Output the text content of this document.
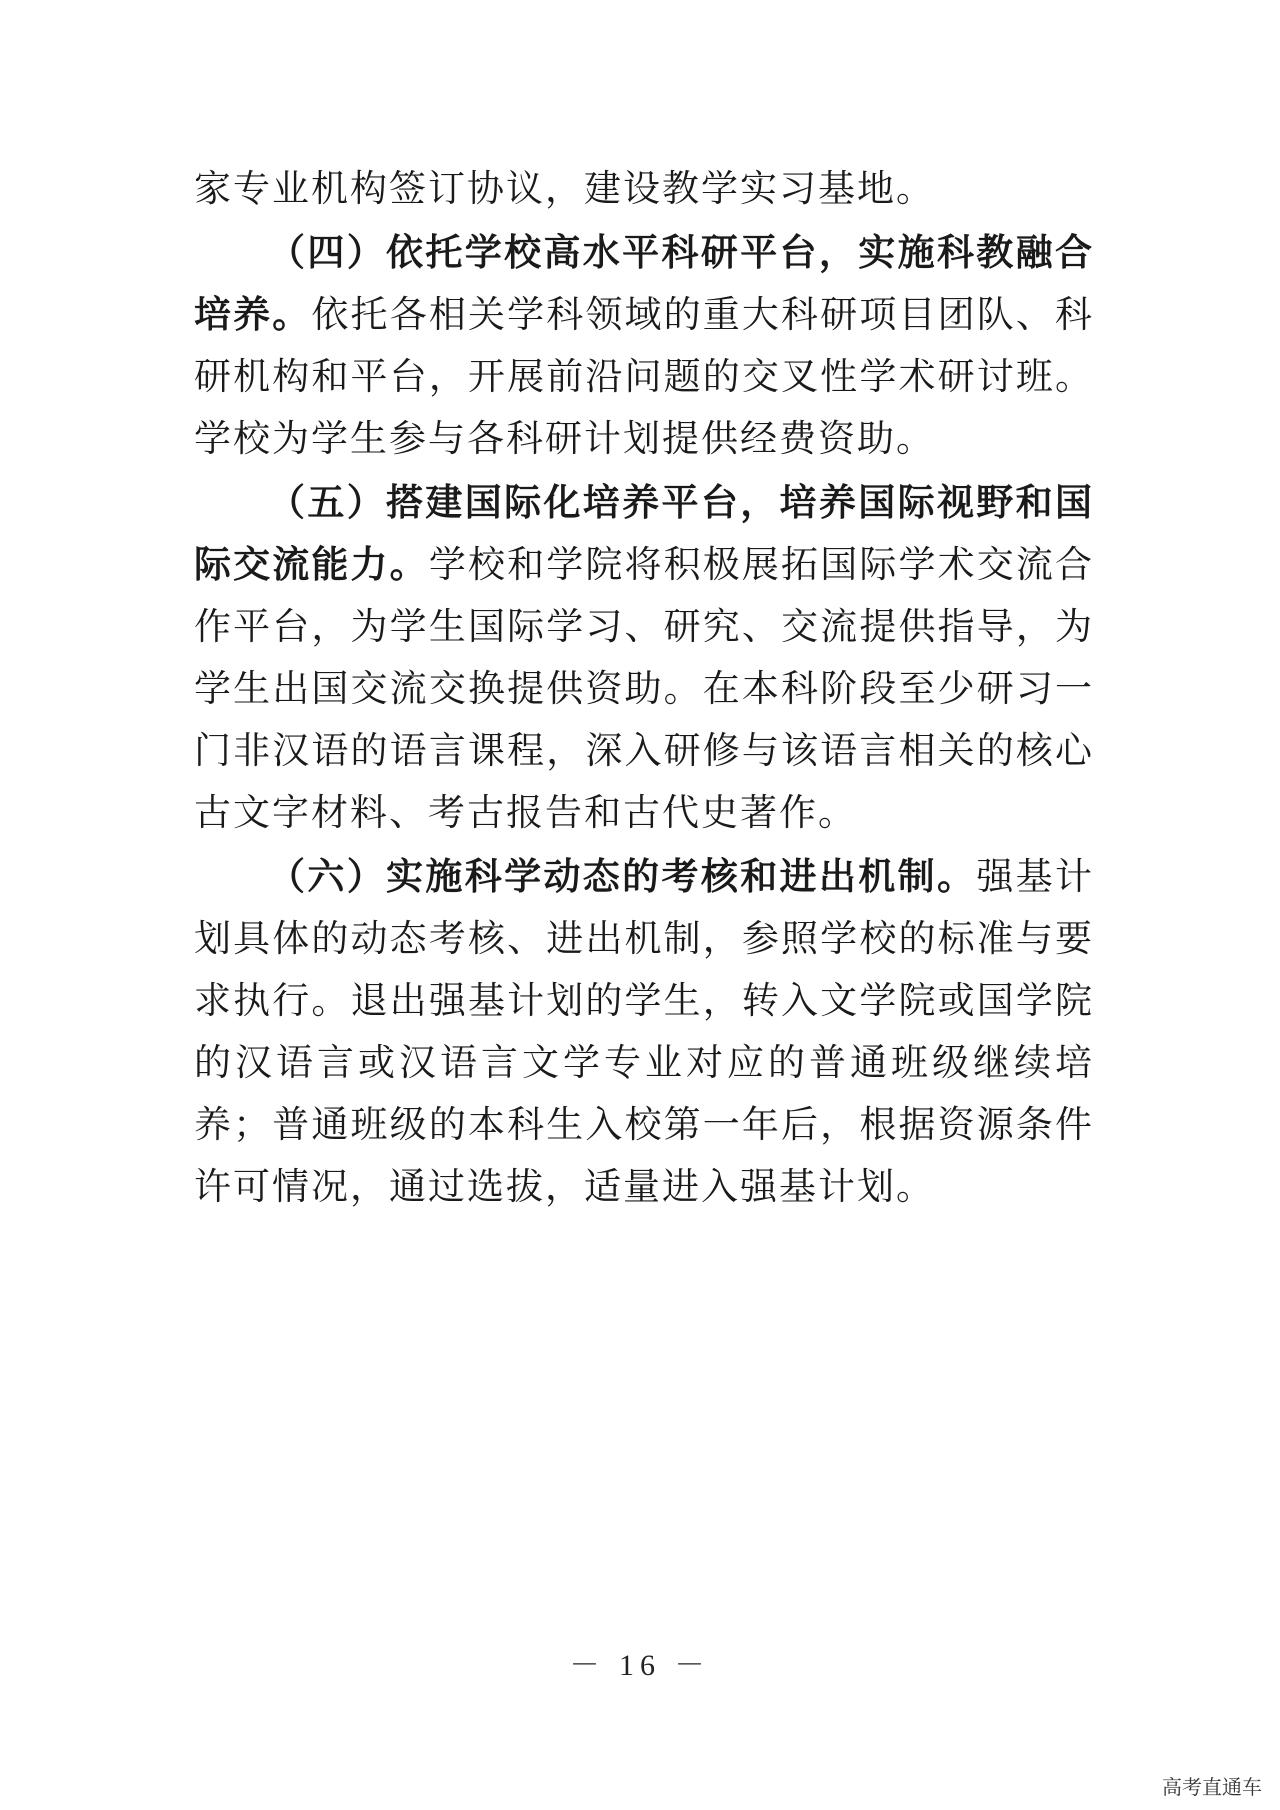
家专业机构签订协议，建设教学实习基地。

（四）依托学校高水平科研平台，实施科教融合培养。依托各相关学科领域的重大科研项目团队、科研机构和平台，开展前沿问题的交叉性学术研讨班。学校为学生参与各科研计划提供经费资助。

（五）搭建国际化培养平台，培养国际视野和国际交流能力。学校和学院将积极展拓国际学术交流合作平台，为学生国际学习、研究、交流提供指导，为学生出国交流交换提供资助。在本科阶段至少研习一门非汉语的语言课程，深入研修与该语言相关的核心古文字材料、考古报告和古代史著作。

（六）实施科学动态的考核和进出机制。强基计划具体的动态考核、进出机制，参照学校的标准与要求执行。退出强基计划的学生，转入文学院或国学院的汉语言或汉语言文学专业对应的普通班级继续培养；普通班级的本科生入校第一年后，根据资源条件许可情况，通过选拔，适量进入强基计划。

－ 16 －
高考直通车
